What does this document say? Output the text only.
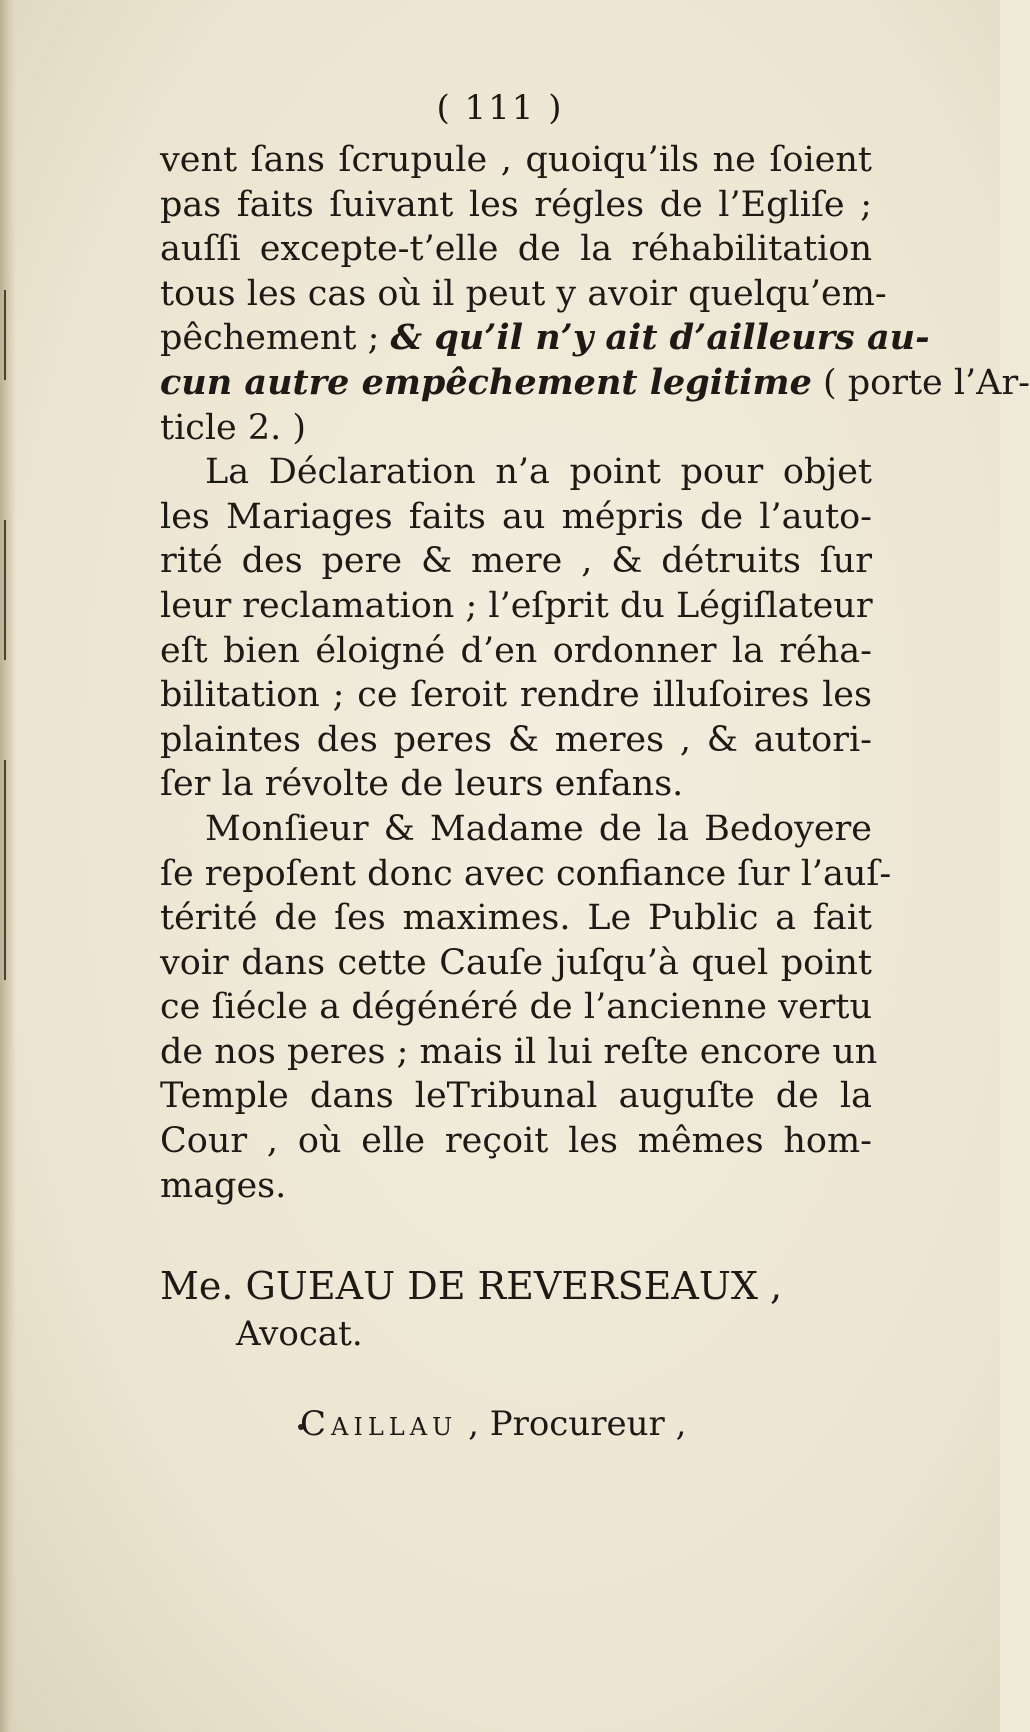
( 111 )
vent ſans ſcrupule , quoiqu’ils ne ſoient
pas faits ſuivant les régles de l’Egliſe ;
auſſi excepte-t’elle de la réhabilitation
tous les cas où il peut y avoir quelqu’em-
pêchement ; & qu’il n’y ait d’ailleurs au-
cun autre empêchement legitime ( porte l’Ar-
ticle 2. )
La Déclaration n’a point pour objet
les Mariages faits au mépris de l’auto-
rité des pere & mere , & détruits ſur
leur reclamation ; l’eſprit du Légiſlateur
eſt bien éloigné d’en ordonner la réha-
bilitation ; ce ſeroit rendre illuſoires les
plaintes des peres & meres , & autori-
ſer la révolte de leurs enfans.
Monſieur & Madame de la Bedoyere
ſe repoſent donc avec confiance ſur l’auſ-
térité de ſes maximes. Le Public a fait
voir dans cette Cauſe juſqu’à quel point
ce ſiécle a dégénéré de l’ancienne vertu
de nos peres ; mais il lui reſte encore un
Temple dans leTribunal auguſte de la
Cour , où elle reçoit les mêmes hom-
mages.
Me. GUEAU DE REVERSEAUX ,
Avocat.
Caillau , Procureur ,
